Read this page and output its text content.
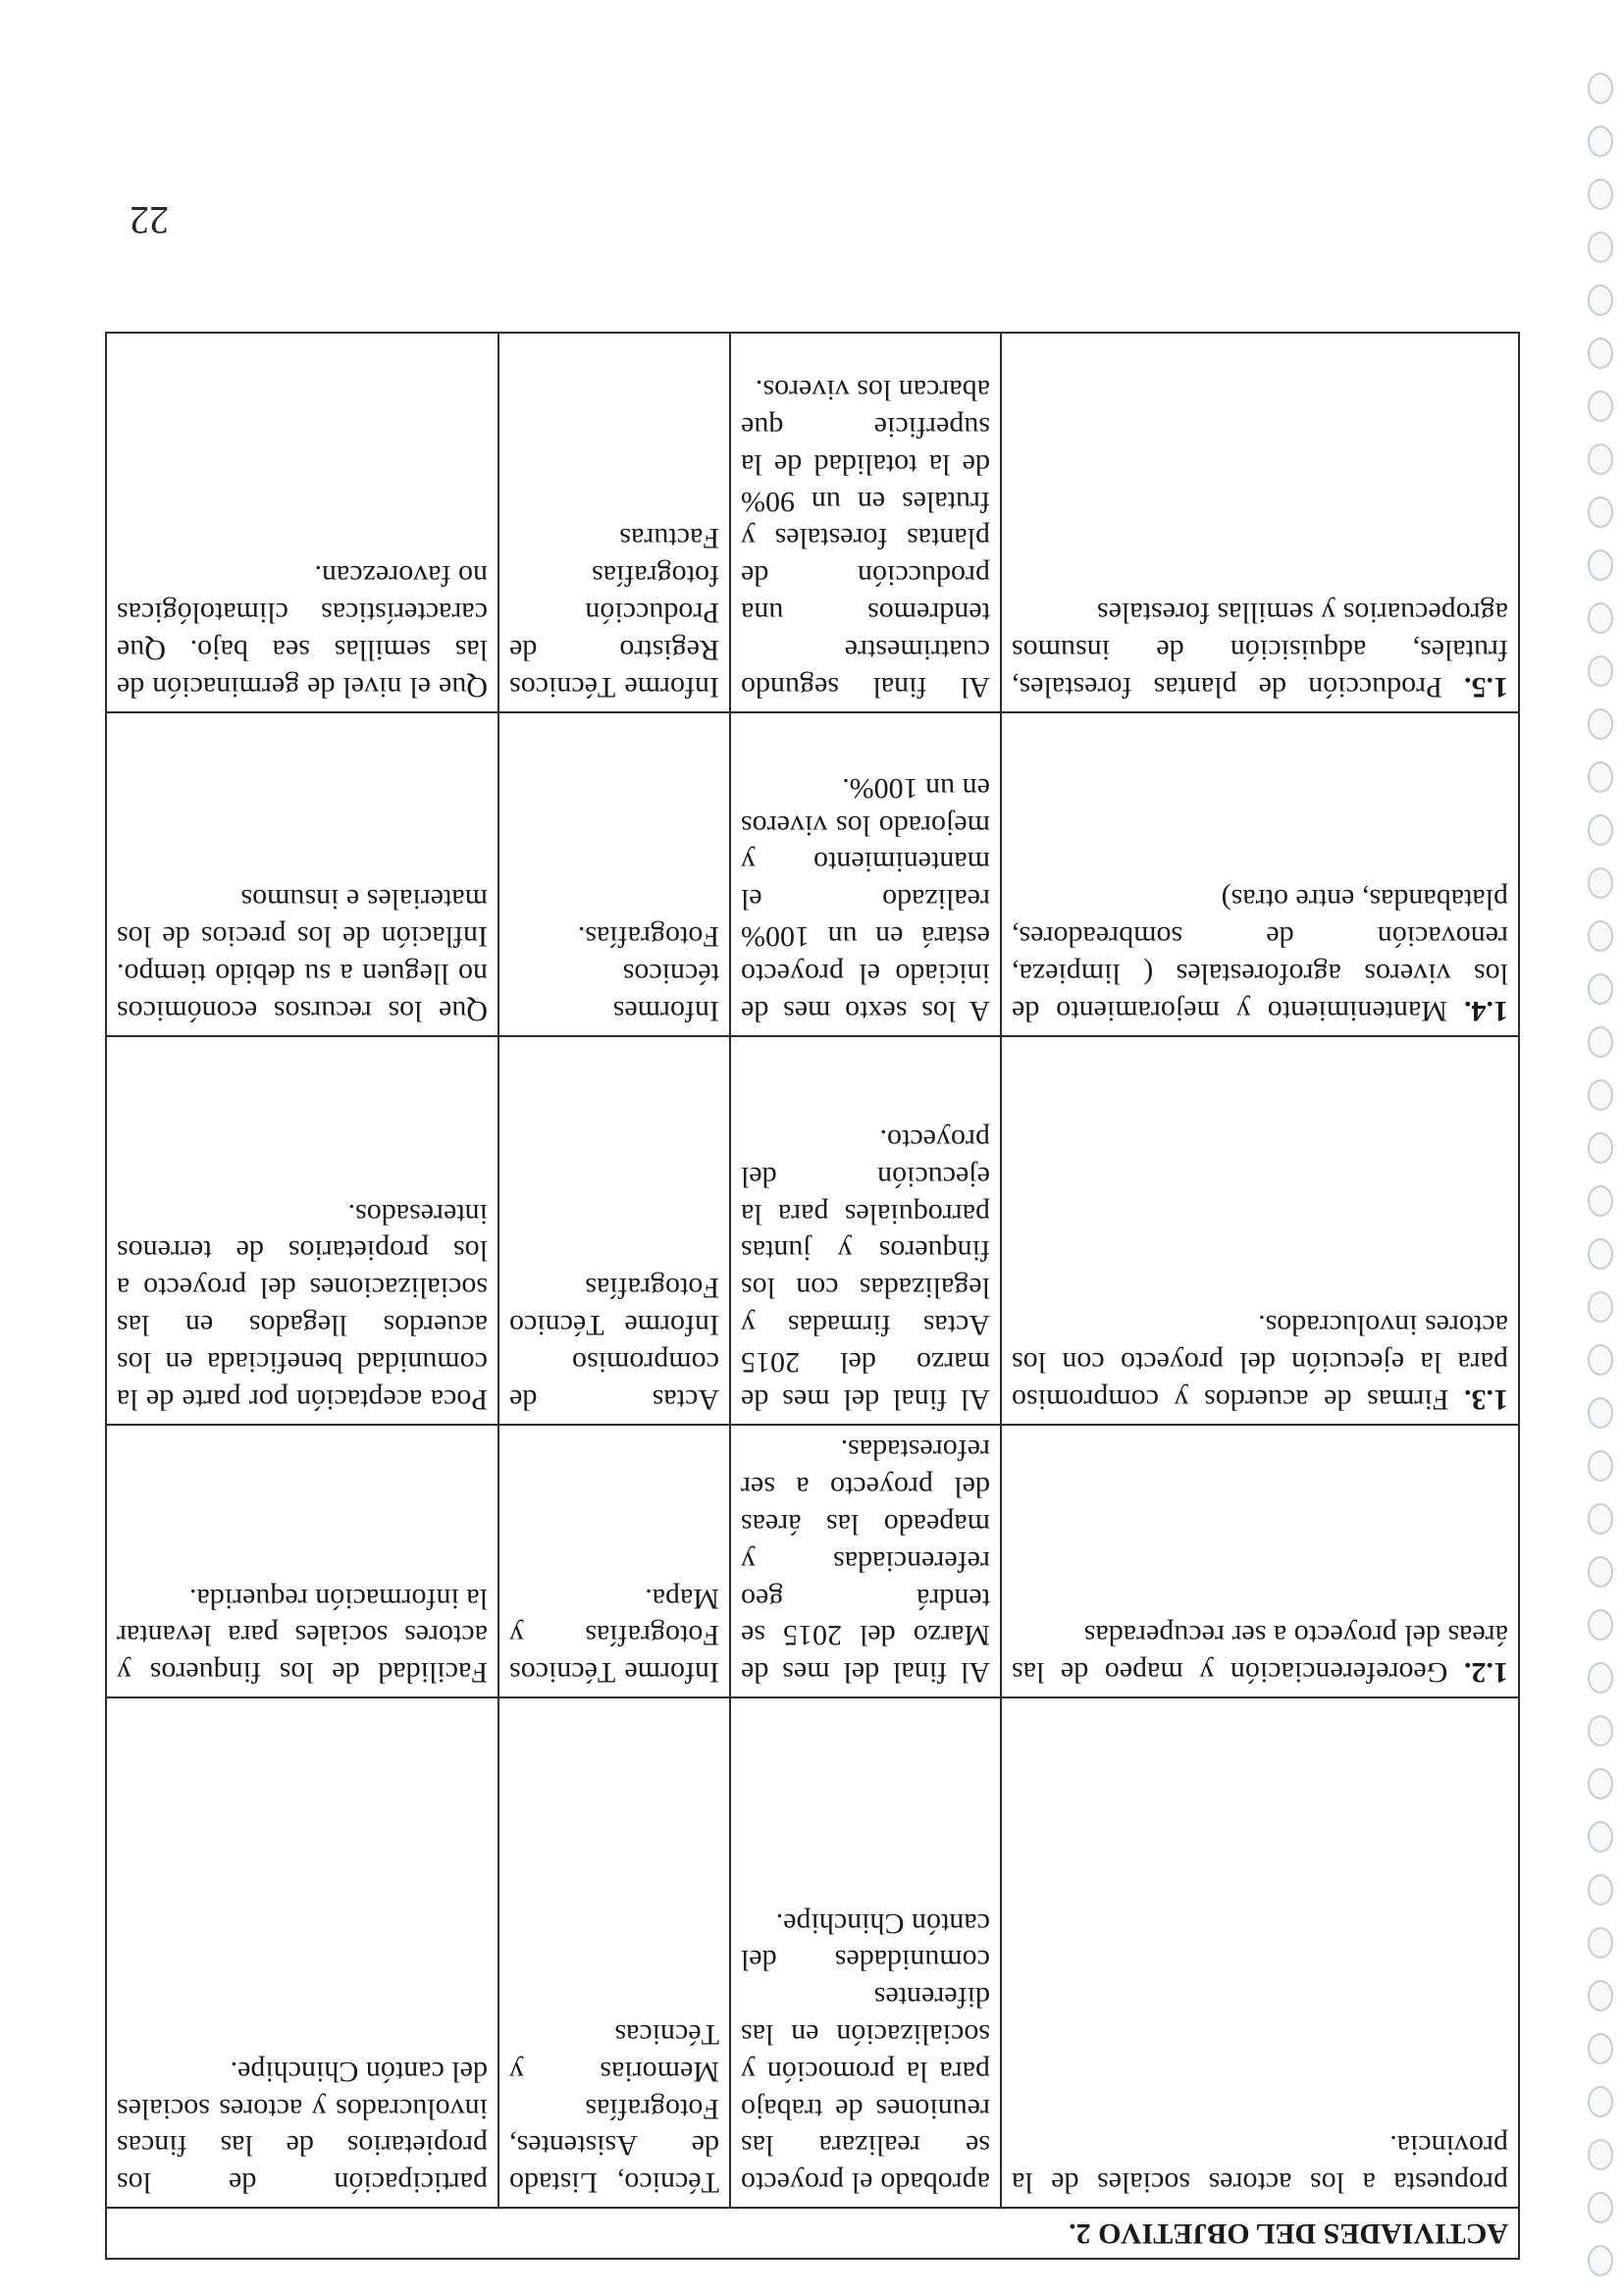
ACTIVIADES DEL OBJETIVO 2.			
propuesta a los actores sociales de la provincia.	aprobado el proyecto se realizara las reuniones de trabajo para la promoción y socialización en las diferentes comunidades del cantón Chinchipe.	Técnico, Listado de Asistentes, Fotografías Memorias y Técnicas	participación de los propietarios de las fincas involucrados y actores sociales del cantón Chinchipe.
1.2. Georeferenciación y mapeo de las áreas del proyecto a ser recuperadas	Al final del mes de Marzo del 2015 se tendrá geo referenciadas y mapeado las áreas del proyecto a ser reforestadas.	Informe Técnicos Fotografías y Mapa.	Facilidad de los finqueros y actores sociales para levantar la información requerida.
1.3. Firmas de acuerdos y compromiso para la ejecución del proyecto con los actores involucrados.	Al final del mes de marzo del 2015 Actas firmadas y legalizadas con los finqueros y juntas parroquiales para la ejecución del proyecto.	Actas de compromiso Informe Técnico Fotografías	Poca aceptación por parte de la comunidad beneficiada en los acuerdos llegados en las socializaciones del proyecto a los propietarios de terrenos interesados.
1.4. Mantenimiento y mejoramiento de los viveros agroforestales ( limpieza, renovación de sombreadores, platabandas, entre otras)	A los sexto mes de iniciado el proyecto estará en un 100% realizado el mantenimiento y mejorado los viveros en un 100%.	Informes técnicos Fotografías.	Que los recursos económicos no lleguen a su debido tiempo. Inflación de los precios de los materiales e insumos
1.5. Producción de plantas forestales, frutales, adquisición de insumos agropecuarios y semillas forestales	Al final segundo cuatrimestre tendremos una producción de plantas forestales y frutales en un 90% de la totalidad de la superficie que abarcan los viveros.	Informe Técnicos Registro de Producción fotografías Facturas	Que el nivel de germinación de las semillas sea bajo. Que características climatológicas no favorezcan.
22
